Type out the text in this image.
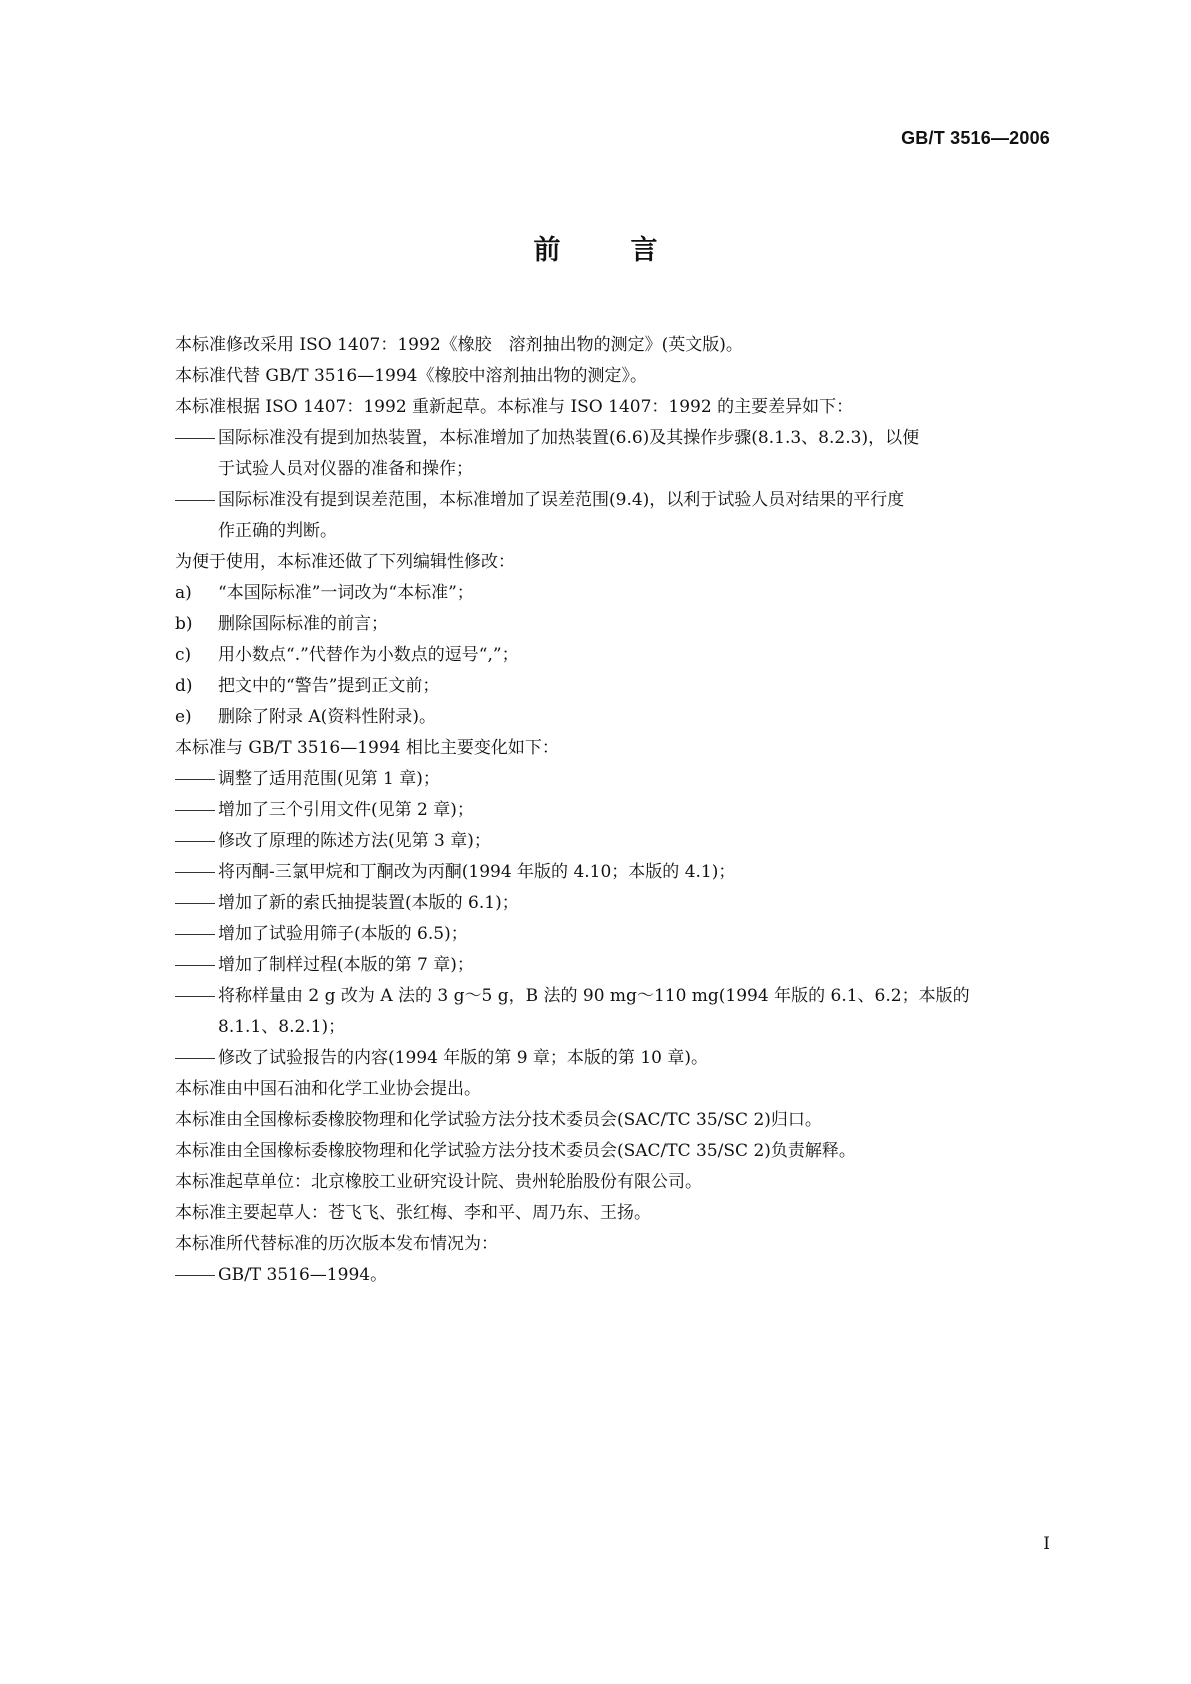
GB/T 3516—2006
前言
本标准修改采用 ISO 1407：1992《橡胶　溶剂抽出物的测定》(英文版)。
本标准代替 GB/T 3516—1994《橡胶中溶剂抽出物的测定》。
本标准根据 ISO 1407：1992 重新起草。本标准与 ISO 1407：1992 的主要差异如下：
国际标准没有提到加热装置，本标准增加了加热装置(6.6)及其操作步骤(8.1.3、8.2.3)，以便
于试验人员对仪器的准备和操作；
国际标准没有提到误差范围，本标准增加了误差范围(9.4)，以利于试验人员对结果的平行度
作正确的判断。
为便于使用，本标准还做了下列编辑性修改：
a) “本国际标准”一词改为“本标准”；
b) 删除国际标准的前言；
c) 用小数点“.”代替作为小数点的逗号“,”；
d) 把文中的“警告”提到正文前；
e) 删除了附录 A(资料性附录)。
本标准与 GB/T 3516—1994 相比主要变化如下：
调整了适用范围(见第 1 章)；
增加了三个引用文件(见第 2 章)；
修改了原理的陈述方法(见第 3 章)；
将丙酮-三氯甲烷和丁酮改为丙酮(1994 年版的 4.10；本版的 4.1)；
增加了新的索氏抽提装置(本版的 6.1)；
增加了试验用筛子(本版的 6.5)；
增加了制样过程(本版的第 7 章)；
将称样量由 2 g 改为 A 法的 3 g～5 g，B 法的 90 mg～110 mg(1994 年版的 6.1、6.2；本版的
8.1.1、8.2.1)；
修改了试验报告的内容(1994 年版的第 9 章；本版的第 10 章)。
本标准由中国石油和化学工业协会提出。
本标准由全国橡标委橡胶物理和化学试验方法分技术委员会(SAC/TC 35/SC 2)归口。
本标准由全国橡标委橡胶物理和化学试验方法分技术委员会(SAC/TC 35/SC 2)负责解释。
本标准起草单位：北京橡胶工业研究设计院、贵州轮胎股份有限公司。
本标准主要起草人：苍飞飞、张红梅、李和平、周乃东、王扬。
本标准所代替标准的历次版本发布情况为：
GB/T 3516—1994。
I
